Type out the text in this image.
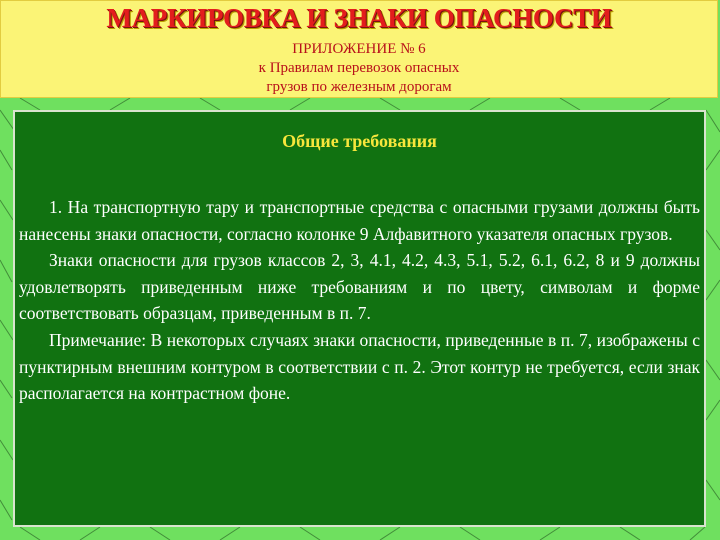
МАРКИРОВКА И ЗНАКИ ОПАСНОСТИ
ПРИЛОЖЕНИЕ № 6
к Правилам перевозок опасных
грузов по железным дорогам
Общие требования

1. На транспортную тару и транспортные средства с опасными грузами должны быть нанесены знаки опасности, согласно колонке 9 Алфавитного указателя опасных грузов.

Знаки опасности для грузов классов 2, 3, 4.1, 4.2, 4.3, 5.1, 5.2, 6.1, 6.2, 8 и 9 должны удовлетворять приведенным ниже требованиям и по цвету, символам и форме соответствовать образцам, приведенным в п. 7.

Примечание: В некоторых случаях знаки опасности, приведенные в п. 7, изображены с пунктирным внешним контуром в соответствии с п. 2. Этот контур не требуется, если знак располагается на контрастном фоне.
